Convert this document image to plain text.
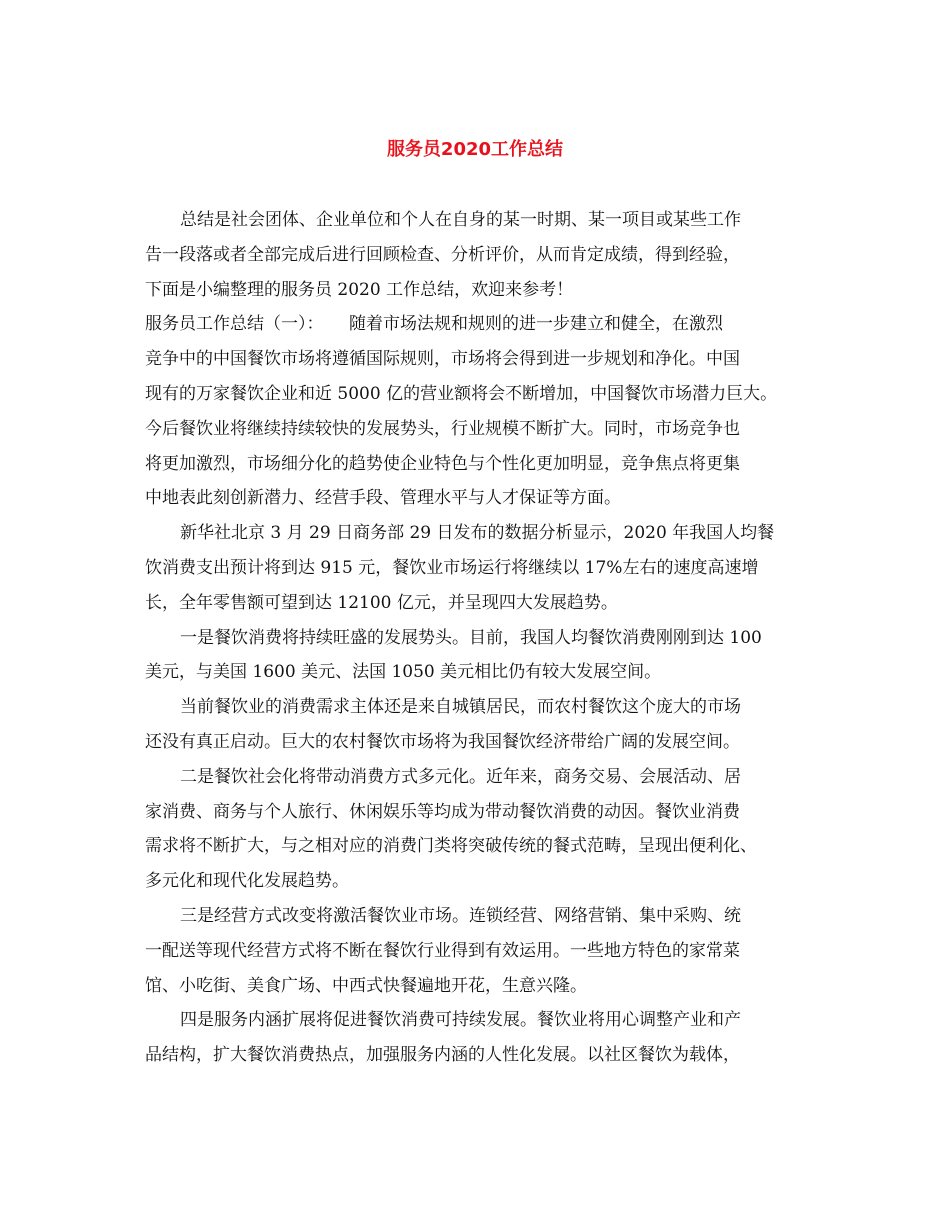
服务员2020工作总结
总结是社会团体、企业单位和个人在自身的某一时期、某一项目或某些工作
告一段落或者全部完成后进行回顾检查、分析评价，从而肯定成绩，得到经验，
下面是小编整理的服务员 2020 工作总结，欢迎来参考！
服务员工作总结（一）：　　随着市场法规和规则的进一步建立和健全，在激烈
竞争中的中国餐饮市场将遵循国际规则，市场将会得到进一步规划和净化。中国
现有的万家餐饮企业和近 5000 亿的营业额将会不断增加，中国餐饮市场潜力巨大。
今后餐饮业将继续持续较快的发展势头，行业规模不断扩大。同时，市场竞争也
将更加激烈，市场细分化的趋势使企业特色与个性化更加明显，竞争焦点将更集
中地表此刻创新潜力、经营手段、管理水平与人才保证等方面。
新华社北京 3 月 29 日商务部 29 日发布的数据分析显示，2020 年我国人均餐
饮消费支出预计将到达 915 元，餐饮业市场运行将继续以 17%左右的速度高速增
长，全年零售额可望到达 12100 亿元，并呈现四大发展趋势。
一是餐饮消费将持续旺盛的发展势头。目前，我国人均餐饮消费刚刚到达 100
美元，与美国 1600 美元、法国 1050 美元相比仍有较大发展空间。
当前餐饮业的消费需求主体还是来自城镇居民，而农村餐饮这个庞大的市场
还没有真正启动。巨大的农村餐饮市场将为我国餐饮经济带给广阔的发展空间。
二是餐饮社会化将带动消费方式多元化。近年来，商务交易、会展活动、居
家消费、商务与个人旅行、休闲娱乐等均成为带动餐饮消费的动因。餐饮业消费
需求将不断扩大，与之相对应的消费门类将突破传统的餐式范畴，呈现出便利化、
多元化和现代化发展趋势。
三是经营方式改变将激活餐饮业市场。连锁经营、网络营销、集中采购、统
一配送等现代经营方式将不断在餐饮行业得到有效运用。一些地方特色的家常菜
馆、小吃街、美食广场、中西式快餐遍地开花，生意兴隆。
四是服务内涵扩展将促进餐饮消费可持续发展。餐饮业将用心调整产业和产
品结构，扩大餐饮消费热点，加强服务内涵的人性化发展。以社区餐饮为载体，
